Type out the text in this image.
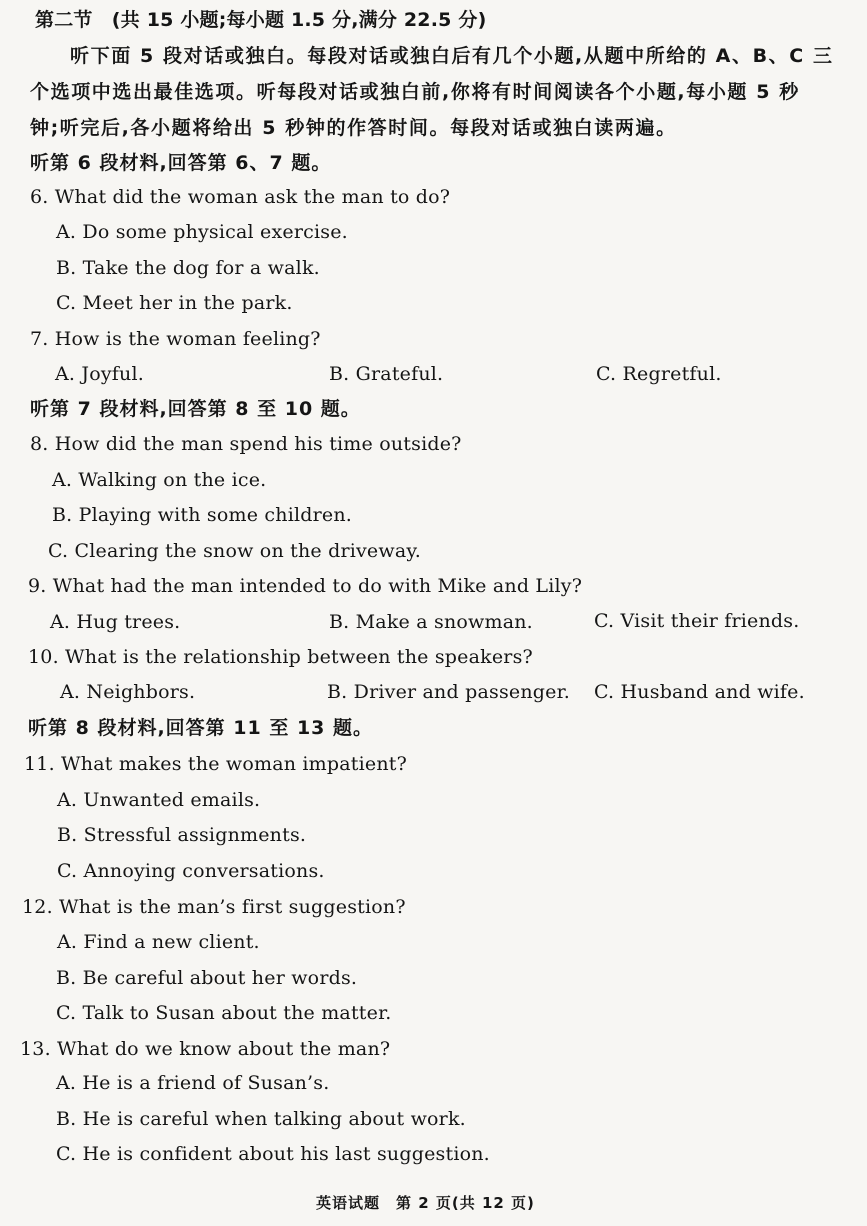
第二节　(共 15 小题;每小题 1.5 分,满分 22.5 分)
听下面 5 段对话或独白。每段对话或独白后有几个小题,从题中所给的 A、B、C 三
个选项中选出最佳选项。听每段对话或独白前,你将有时间阅读各个小题,每小题 5 秒
钟;听完后,各小题将给出 5 秒钟的作答时间。每段对话或独白读两遍。
听第 6 段材料,回答第 6、7 题。
6. What did the woman ask the man to do?
A. Do some physical exercise.
B. Take the dog for a walk.
C. Meet her in the park.
7. How is the woman feeling?
A. Joyful.	B. Grateful.	C. Regretful.
听第 7 段材料,回答第 8 至 10 题。
8. How did the man spend his time outside?
A. Walking on the ice.
B. Playing with some children.
C. Clearing the snow on the driveway.
9. What had the man intended to do with Mike and Lily?
A. Hug trees.	B. Make a snowman.	C. Visit their friends.
10. What is the relationship between the speakers?
A. Neighbors.	B. Driver and passenger. C. Husband and wife.
听第 8 段材料,回答第 11 至 13 题。
11. What makes the woman impatient?
A. Unwanted emails.
B. Stressful assignments.
C. Annoying conversations.
12. What is the man’s first suggestion?
A. Find a new client.
B. Be careful about her words.
C. Talk to Susan about the matter.
13. What do we know about the man?
A. He is a friend of Susan’s.
B. He is careful when talking about work.
C. He is confident about his last suggestion.
英语试题　第 2 页(共 12 页)
